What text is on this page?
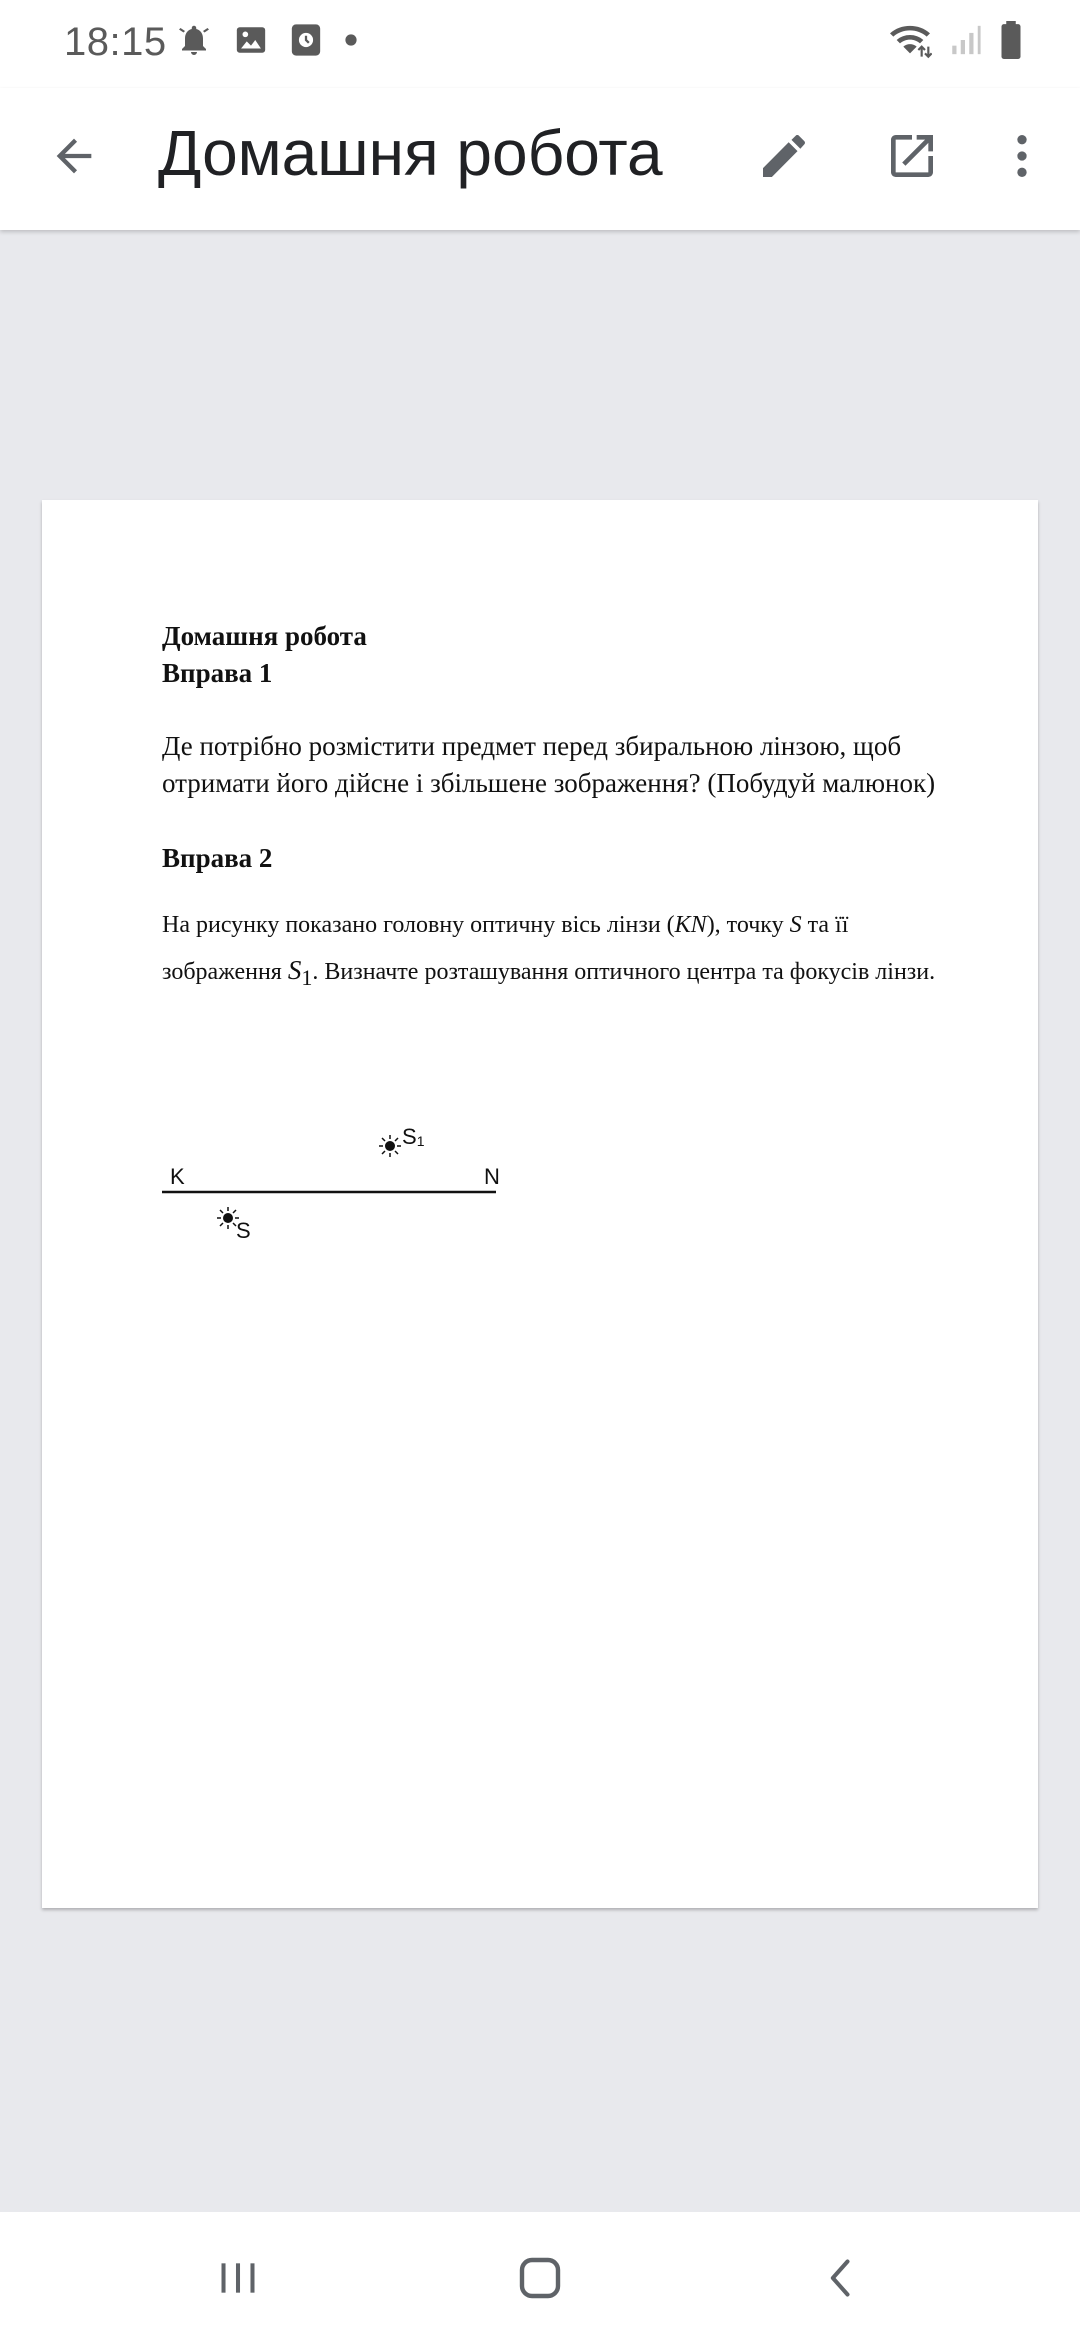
18:15
Домашня робота
Домашня робота
Вправа 1
Де потрібно розмістити предмет перед збиральною лінзою, щоб отримати його дійсне і збільшене зображення? (Побудуй малюнок)
Вправа 2
На рисунку показано головну оптичну вісь лінзи (KN), точку S та її зображення $S_1$. Визначте розташування оптичного центра та фокусів лінзи.
K	N
S1
S
